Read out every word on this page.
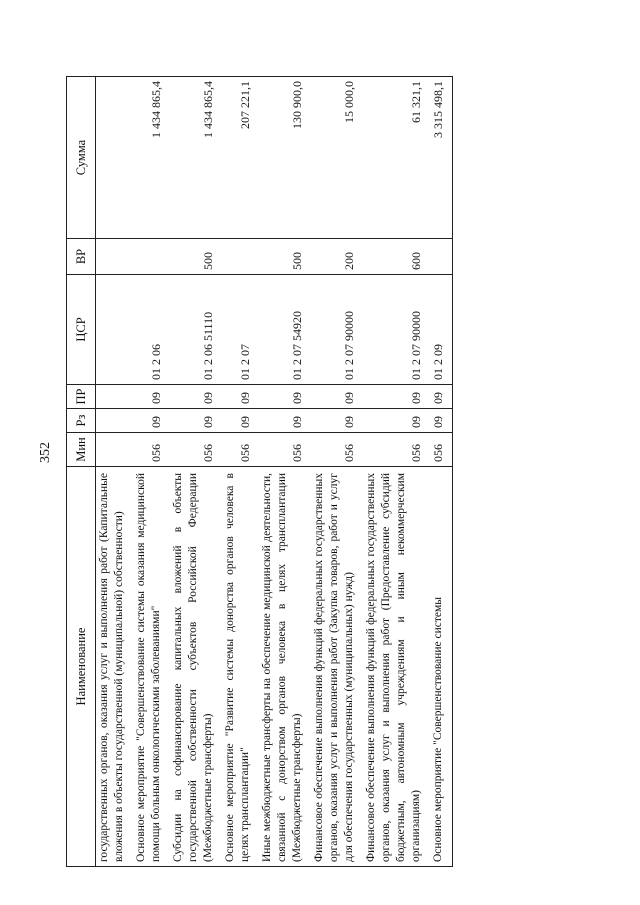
352
Наименование	Мин	Рз	ПР	ЦСР	ВР	Сумма
государственных органов, оказания услуг и выполнения работ (Капитальные вложения в объекты государственной (муниципальной) собственности)						
Основное мероприятие "Совершенствование системы оказания медицинской помощи больным онкологическими заболеваниями"	056	09	09	01 2 06		1 434 865,4
Субсидии на софинансирование капитальных вложений в объекты государственной собственности субъектов Российской Федерации (Межбюджетные трансферты)	056	09	09	01 2 06 51110	500	1 434 865,4
Основное мероприятие "Развитие системы донорства органов человека в целях трансплантации"	056	09	09	01 2 07		207 221,1
Иные межбюджетные трансферты на обеспечение медицинской деятельности, связанной с донорством органов человека в целях трансплантации (Межбюджетные трансферты)	056	09	09	01 2 07 54920	500	130 900,0
Финансовое обеспечение выполнения функций федеральных государственных органов, оказания услуг и выполнения работ (Закупка товаров, работ и услуг для обеспечения государственных (муниципальных) нужд)	056	09	09	01 2 07 90000	200	15 000,0
Финансовое обеспечение выполнения функций федеральных государственных органов, оказания услуг и выполнения работ (Предоставление субсидий бюджетным, автономным учреждениям и иным некоммерческим организациям)	056	09	09	01 2 07 90000	600	61 321,1
Основное мероприятие "Совершенствование системы	056	09	09	01 2 09		3 315 498,1
